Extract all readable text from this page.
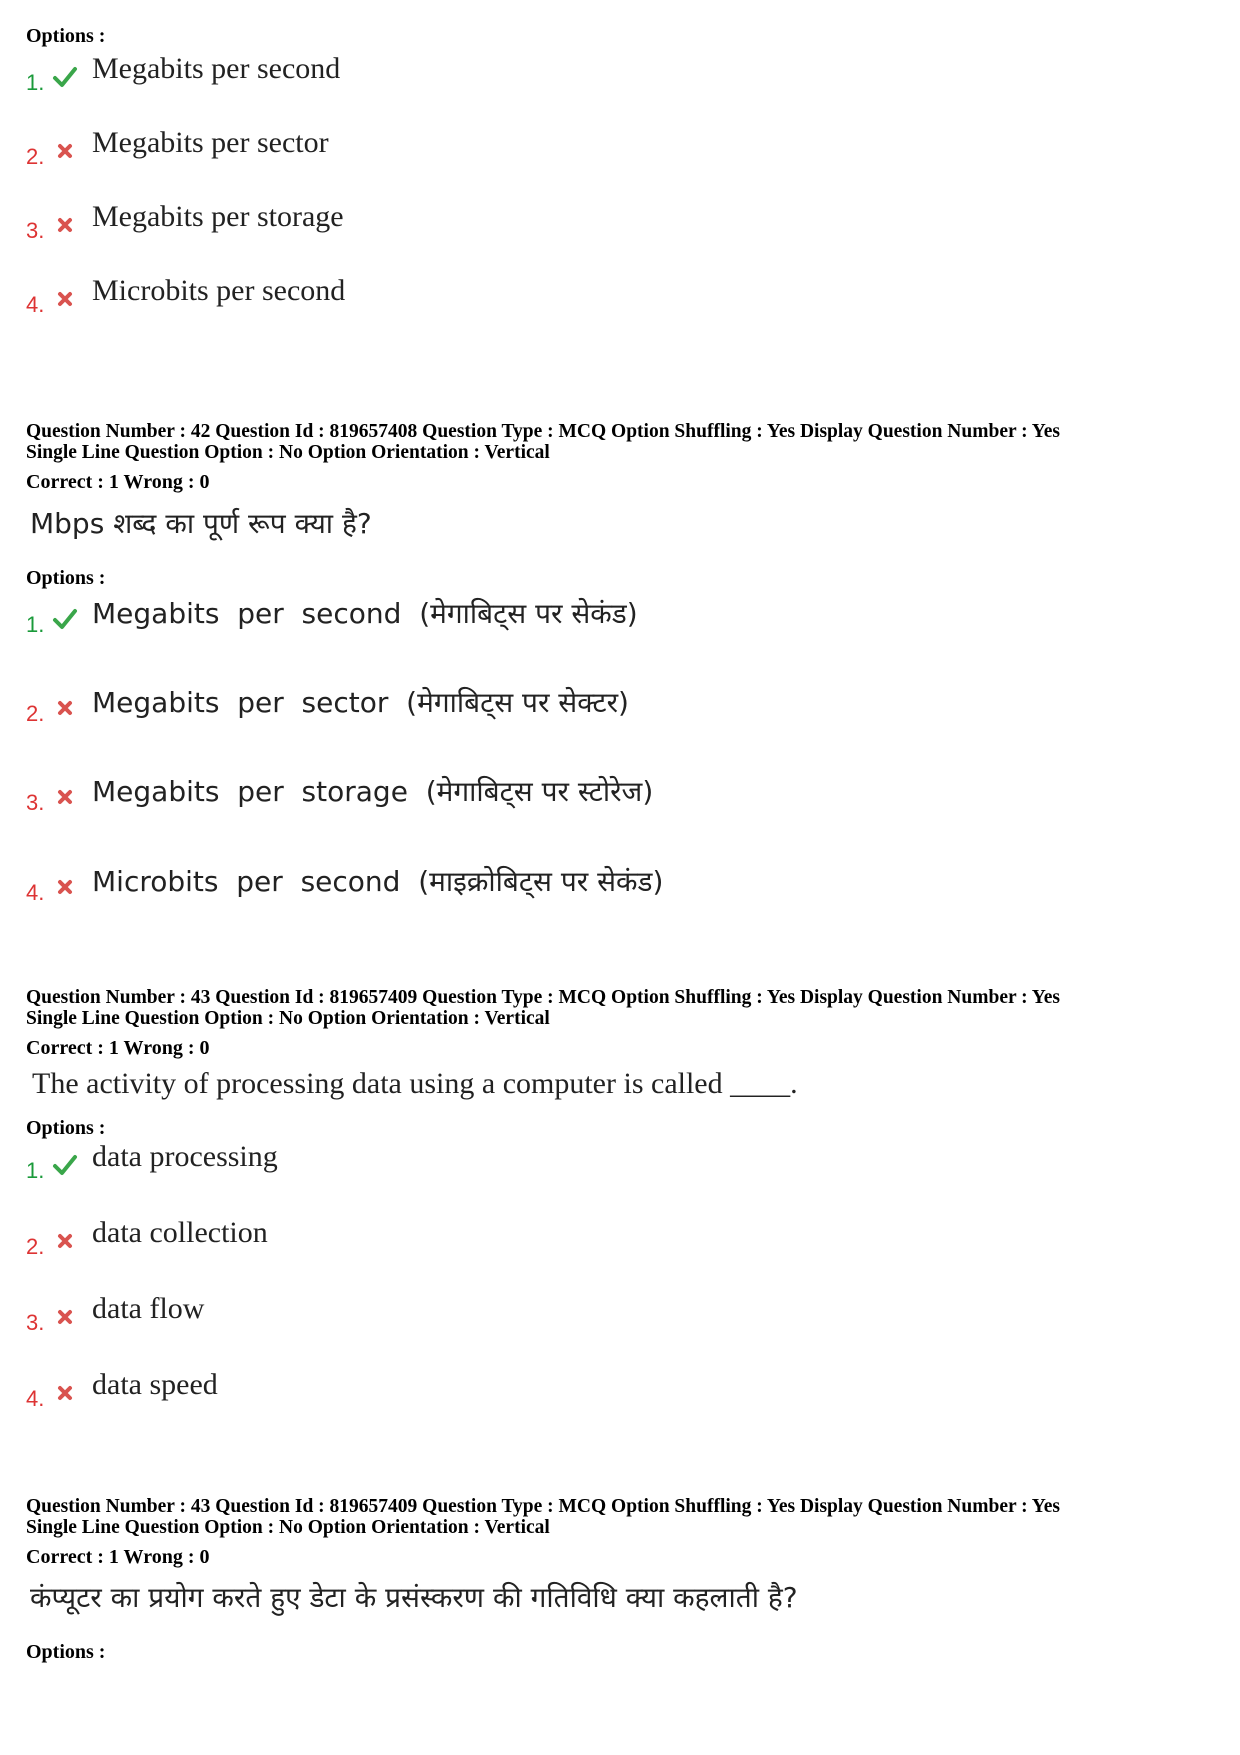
Options :
1. Megabits per second
2. Megabits per sector
3. Megabits per storage
4. Microbits per second
Question Number : 42 Question Id : 819657408 Question Type : MCQ Option Shuffling : Yes Display Question Number : Yes
Single Line Question Option : No Option Orientation : Vertical
Correct : 1 Wrong : 0
Mbps शब्द का पूर्ण रूप क्या है?
Options :
1. Megabits  per  second  (मेगाबिट्स पर सेकंड)
2. Megabits  per  sector  (मेगाबिट्स पर सेक्टर)
3. Megabits  per  storage  (मेगाबिट्स पर स्टोरेज)
4. Microbits  per  second  (माइक्रोबिट्स पर सेकंड)
Question Number : 43 Question Id : 819657409 Question Type : MCQ Option Shuffling : Yes Display Question Number : Yes
Single Line Question Option : No Option Orientation : Vertical
Correct : 1 Wrong : 0
The activity of processing data using a computer is called ____.
Options :
1. data processing
2. data collection
3. data flow
4. data speed
Question Number : 43 Question Id : 819657409 Question Type : MCQ Option Shuffling : Yes Display Question Number : Yes
Single Line Question Option : No Option Orientation : Vertical
Correct : 1 Wrong : 0
कंप्यूटर का प्रयोग करते हुए डेटा के प्रसंस्करण की गतिविधि क्या कहलाती है?
Options :
